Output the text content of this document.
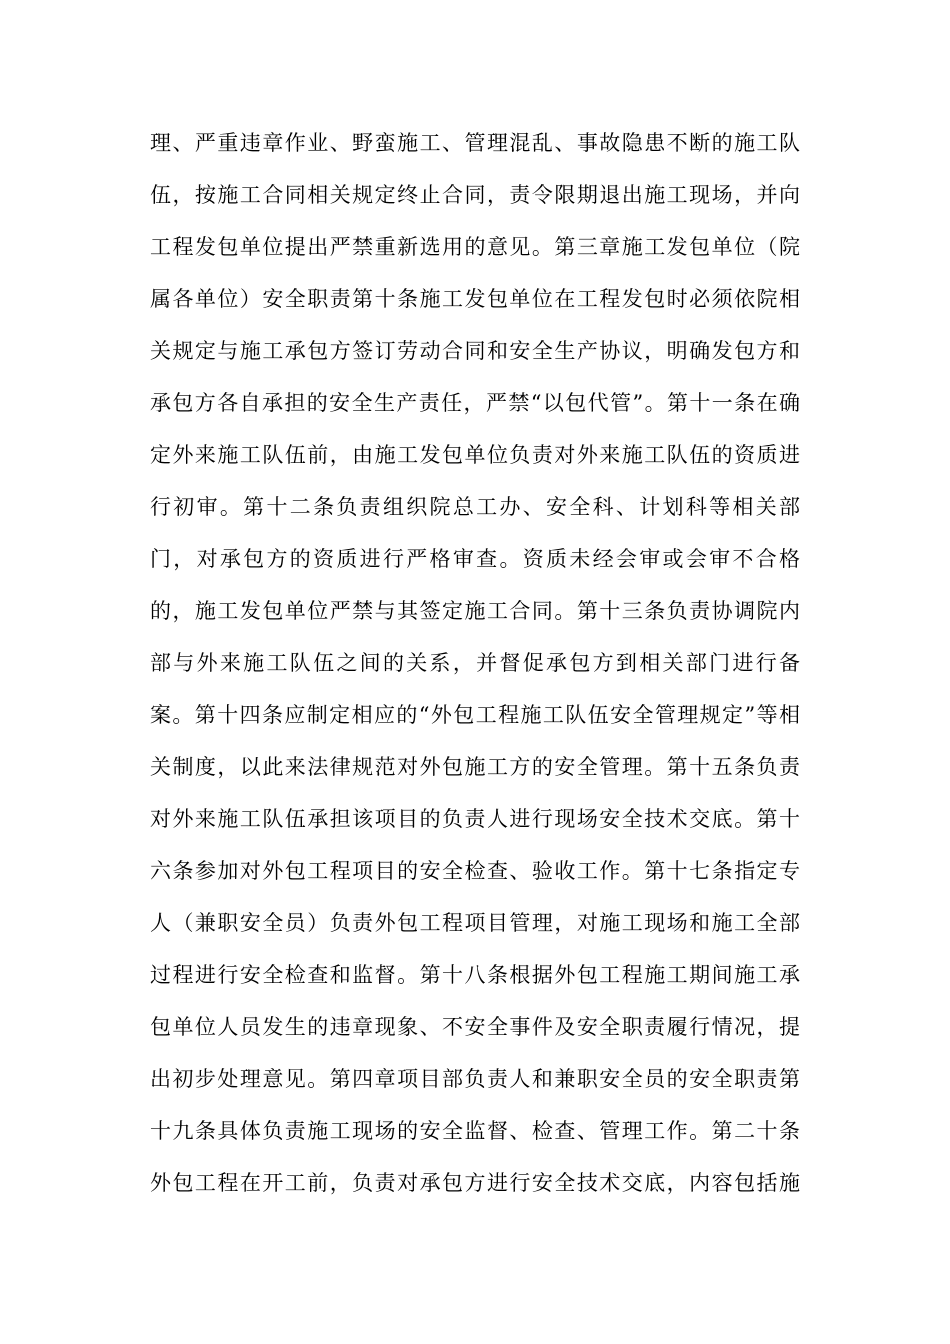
理、严重违章作业、野蛮施工、管理混乱、事故隐患不断的施工队
伍，按施工合同相关规定终止合同，责令限期退出施工现场，并向
工程发包单位提出严禁重新选用的意见。第三章施工发包单位（院
属各单位）安全职责第十条施工发包单位在工程发包时必须依院相
关规定与施工承包方签订劳动合同和安全生产协议，明确发包方和
承包方各自承担的安全生产责任，严禁“以包代管”。第十一条在确
定外来施工队伍前，由施工发包单位负责对外来施工队伍的资质进
行初审。第十二条负责组织院总工办、安全科、计划科等相关部
门，对承包方的资质进行严格审查。资质未经会审或会审不合格
的，施工发包单位严禁与其签定施工合同。第十三条负责协调院内
部与外来施工队伍之间的关系，并督促承包方到相关部门进行备
案。第十四条应制定相应的“外包工程施工队伍安全管理规定”等相
关制度，以此来法律规范对外包施工方的安全管理。第十五条负责
对外来施工队伍承担该项目的负责人进行现场安全技术交底。第十
六条参加对外包工程项目的安全检查、验收工作。第十七条指定专
人（兼职安全员）负责外包工程项目管理，对施工现场和施工全部
过程进行安全检查和监督。第十八条根据外包工程施工期间施工承
包单位人员发生的违章现象、不安全事件及安全职责履行情况，提
出初步处理意见。第四章项目部负责人和兼职安全员的安全职责第
十九条具体负责施工现场的安全监督、检查、管理工作。第二十条
外包工程在开工前，负责对承包方进行安全技术交底，内容包括施
